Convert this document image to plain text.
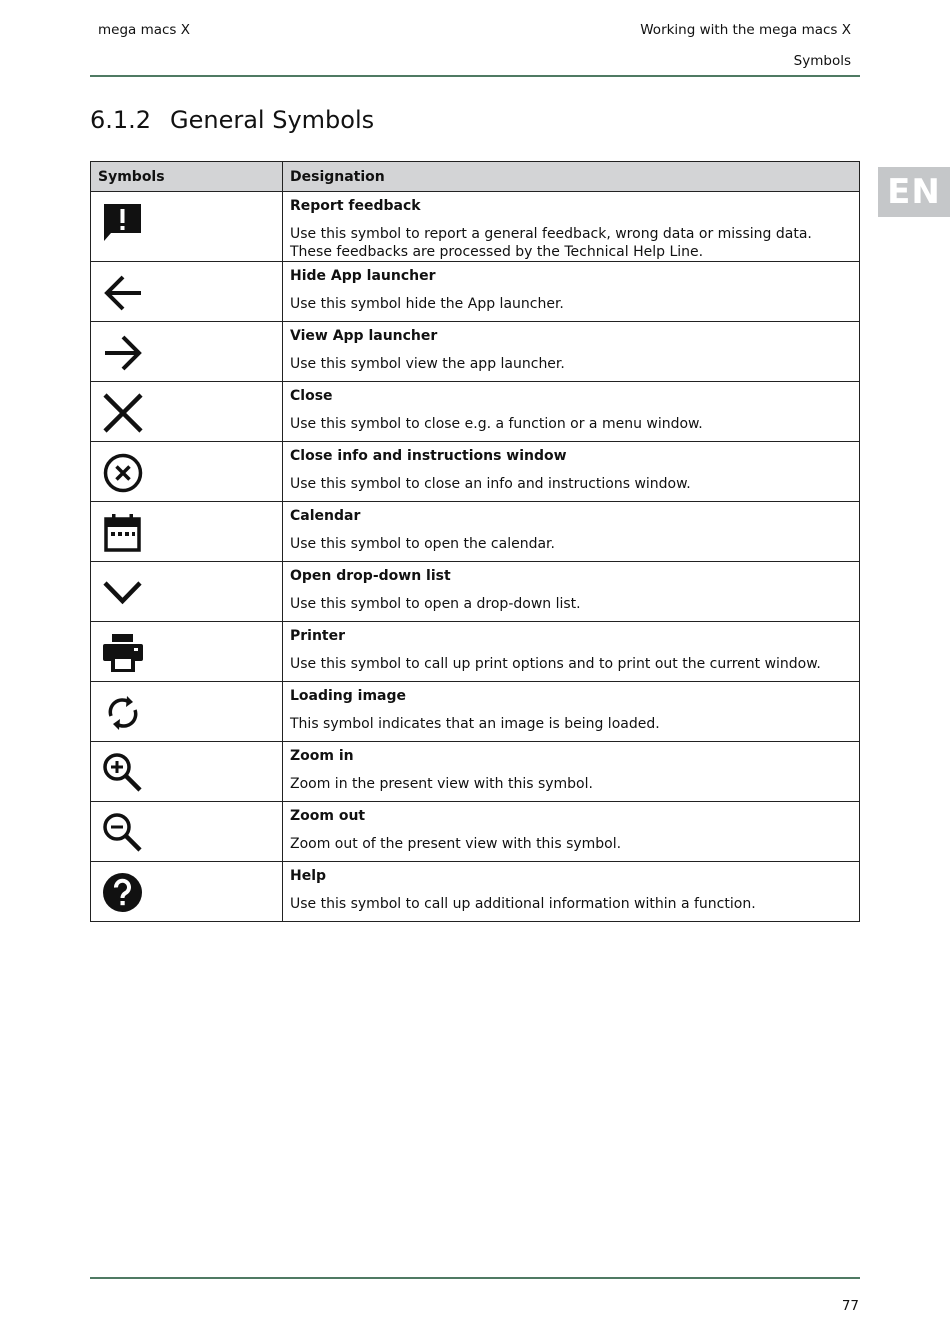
mega macs X	Working with the mega macs X
Symbols
6.1.2 General Symbols
EN
Symbols	Designation

Report feedback
Use this symbol to report a general feedback, wrong data or missing data. These feedbacks are processed by the Technical Help Line.

Hide App launcher
Use this symbol hide the App launcher.

View App launcher
Use this symbol view the app launcher.

Close
Use this symbol to close e.g. a function or a menu window.

Close info and instructions window
Use this symbol to close an info and instructions window.

Calendar
Use this symbol to open the calendar.

Open drop-down list
Use this symbol to open a drop-down list.

Printer
Use this symbol to call up print options and to print out the current window.

Loading image
This symbol indicates that an image is being loaded.

Zoom in
Zoom in the present view with this symbol.

Zoom out
Zoom out of the present view with this symbol.

Help
Use this symbol to call up additional information within a function.
77
